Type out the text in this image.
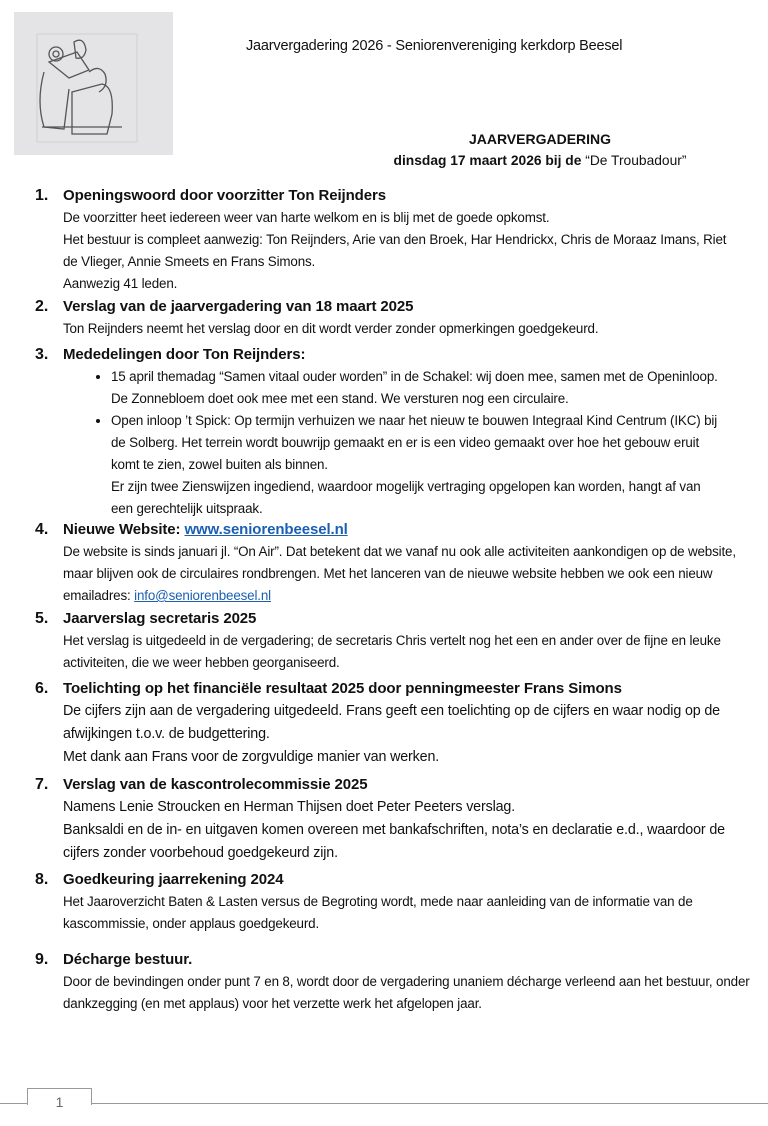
Jaarvergadering 2026 - Seniorenvereniging kerkdorp Beesel
JAARVERGADERING
dinsdag 17 maart 2026 bij de “De Troubadour”
1. Openingswoord door voorzitter Ton Reijnders

De voorzitter heet iedereen weer van harte welkom en is blij met de goede opkomst.

Het bestuur is compleet aanwezig: Ton Reijnders, Arie van den Broek, Har Hendrickx, Chris de Moraaz Imans, Riet de Vlieger, Annie Smeets en Frans Simons.

Aanwezig 41 leden.

2. Verslag van de jaarvergadering van 18 maart 2025

Ton Reijnders neemt het verslag door en dit wordt verder zonder opmerkingen goedgekeurd.

3. Mededelingen door Ton Reijnders:
• 15 april themadag “Samen vitaal ouder worden” in de Schakel: wij doen mee, samen met de Openinloop. De Zonnebloem doet ook mee met een stand. We versturen nog een circulaire.
• Open inloop ’t Spick: Op termijn verhuizen we naar het nieuw te bouwen Integraal Kind Centrum (IKC) bij de Solberg. Het terrein wordt bouwrijp gemaakt en er is een video gemaakt over hoe het gebouw eruit komt te zien, zowel buiten als binnen.
Er zijn twee Zienswijzen ingediend, waardoor mogelijk vertraging opgelopen kan worden, hangt af van een gerechtelijk uitspraak.
4. Nieuwe Website: www.seniorenbeesel.nl
De website is sinds januari jl. “On Air”. Dat betekent dat we vanaf nu ook alle activiteiten aankondigen op de website, maar blijven ook de circulaires rondbrengen. Met het lanceren van de nieuwe website hebben we ook een nieuw emailadres: info@seniorenbeesel.nl
5. Jaarverslag secretaris 2025

Het verslag is uitgedeeld in de vergadering; de secretaris Chris vertelt nog het een en ander over de fijne en leuke activiteiten, die we weer hebben georganiseerd.

6. Toelichting op het financiële resultaat 2025 door penningmeester Frans Simons

De cijfers zijn aan de vergadering uitgedeeld. Frans geeft een toelichting op de cijfers en waar nodig op de afwijkingen t.o.v. de budgettering.

Met dank aan Frans voor de zorgvuldige manier van werken.

7. Verslag van de kascontrolecommissie 2025

Namens Lenie Stroucken en Herman Thijsen doet Peter Peeters verslag.

Banksaldi en de in- en uitgaven komen overeen met bankafschriften, nota’s en declaratie e.d., waardoor de cijfers zonder voorbehoud goedgekeurd zijn.

8. Goedkeuring jaarrekening 2024

Het Jaaroverzicht Baten & Lasten versus de Begroting wordt, mede naar aanleiding van de informatie van de kascommissie, onder applaus goedgekeurd.

9. Décharge bestuur.

Door de bevindingen onder punt 7 en 8, wordt door de vergadering unaniem décharge verleend aan het bestuur, onder dankzegging (en met applaus) voor het verzette werk het afgelopen jaar.

1
